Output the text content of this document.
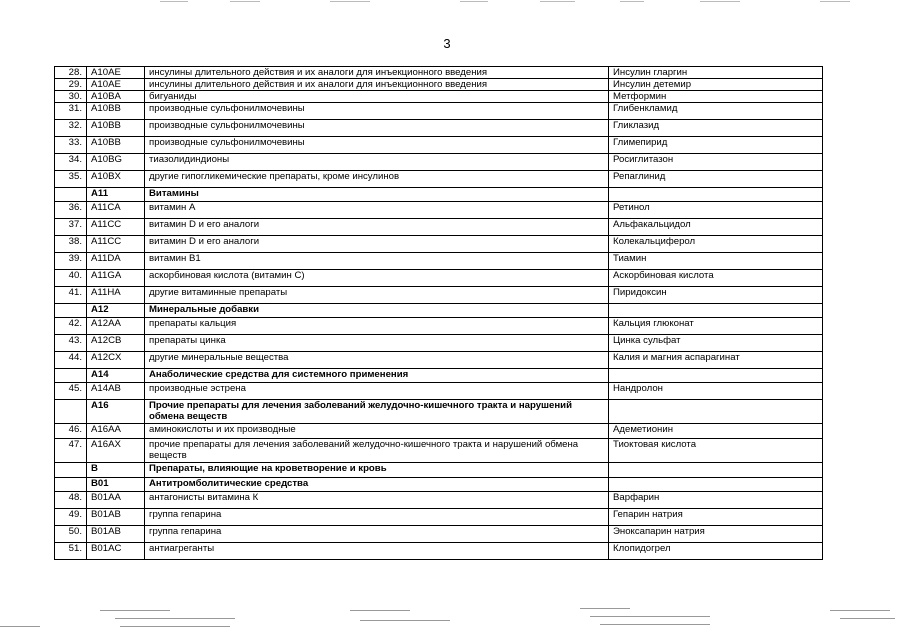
3
28.	A10AE	инсулины длительного действия и их аналоги для инъекционного введения	Инсулин гларгин
29.	A10AE	инсулины длительного действия и их аналоги для инъекционного введения	Инсулин детемир
30.	A10BA	бигуаниды	Метформин
31.	A10BB	производные сульфонилмочевины	Глибенкламид
32.	A10BB	производные сульфонилмочевины	Гликлазид
33.	A10BB	производные сульфонилмочевины	Глимепирид
34.	A10BG	тиазолидиндионы	Росиглитазон
35.	A10BX	другие гипогликемические препараты, кроме инсулинов	Репаглинид
	A11	Витамины	
36.	A11CA	витамин А	Ретинол
37.	A11CC	витамин D и его аналоги	Альфакальцидол
38.	A11CC	витамин D и его аналоги	Колекальциферол
39.	A11DA	витамин B1	Тиамин
40.	A11GA	аскорбиновая кислота (витамин С)	Аскорбиновая кислота
41.	A11HA	другие витаминные препараты	Пиридоксин
	A12	Минеральные добавки	
42.	A12AA	препараты кальция	Кальция глюконат
43.	A12CB	препараты цинка	Цинка сульфат
44.	A12CX	другие минеральные вещества	Калия и магния аспарагинат
	A14	Анаболические средства для системного применения	
45.	A14AB	производные эстрена	Нандролон
	A16	Прочие препараты для лечения заболеваний желудочно-кишечного тракта и нарушений обмена веществ	
46.	A16AA	аминокислоты и их производные	Адеметионин
47.	A16AX	прочие препараты для лечения заболеваний желудочно-кишечного тракта и нарушений обмена веществ	Тиоктовая кислота
	B	Препараты, влияющие на кроветворение и кровь	
	B01	Антитромболитические средства	
48.	B01AA	антагонисты витамина К	Варфарин
49.	B01AB	группа гепарина	Гепарин натрия
50.	B01AB	группа гепарина	Эноксапарин натрия
51.	B01AC	антиагреганты	Клопидогрел
